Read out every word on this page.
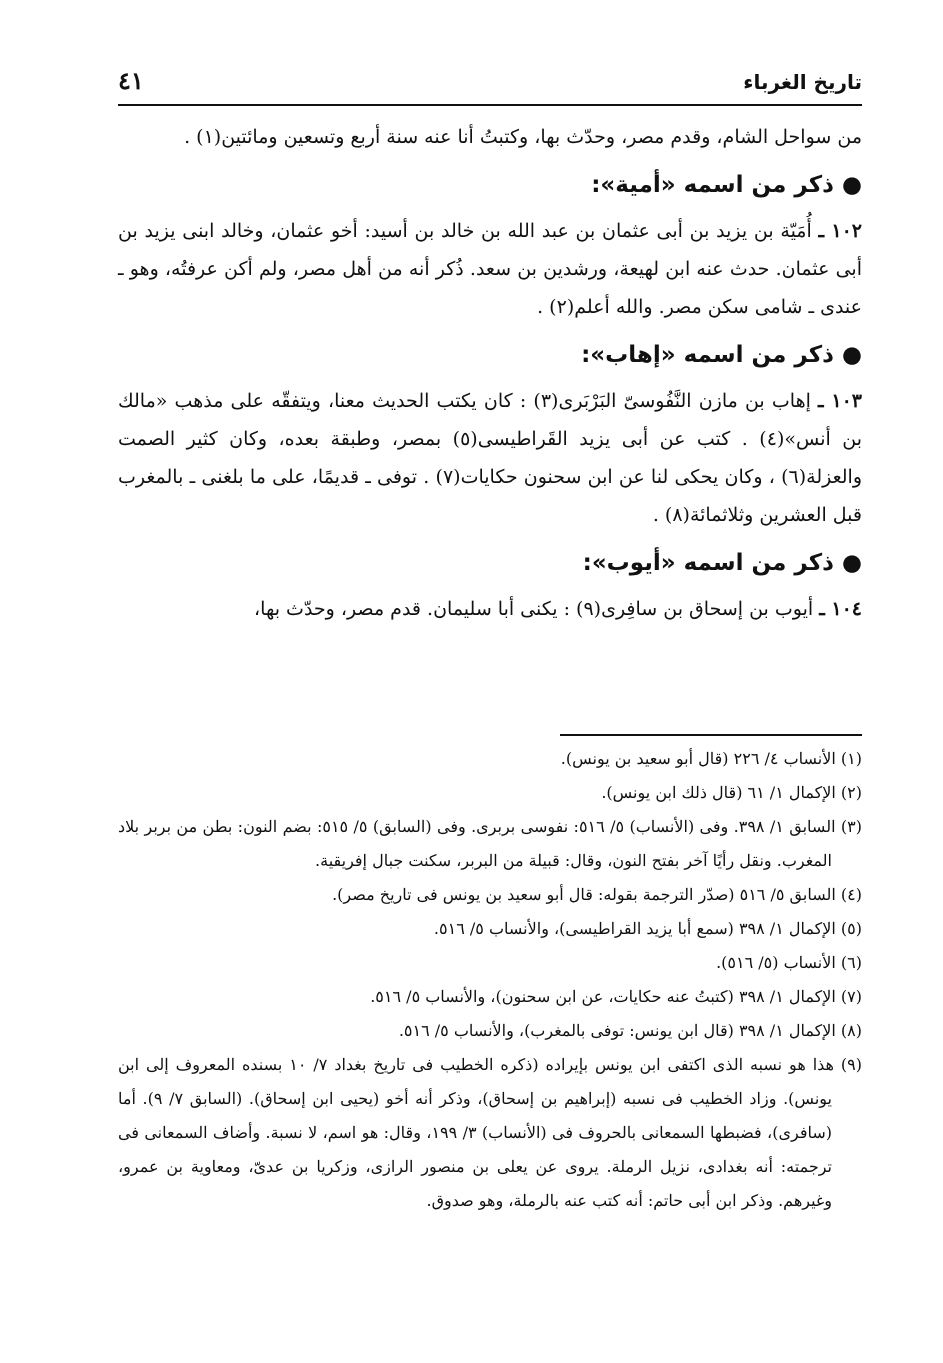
تاريخ الغرباء
٤١

من سواحل الشام، وقدم مصر، وحدّث بها، وكتبتُ أنا عنه سنة أربع وتسعين ومائتين(١) .

●ذكر من اسمه «أمية»:

١٠٢ ـ أُمَيّة بن يزيد بن أبى عثمان بن عبد الله بن خالد بن أسيد: أخو عثمان، وخالد ابنى يزيد بن أبى عثمان. حدث عنه ابن لهيعة، ورشدين بن سعد. ذُكر أنه من أهل مصر، ولم أكن عرفتُه، وهو ـ عندى ـ شامى سكن مصر. والله أعلم(٢) .

●ذكر من اسمه «إهاب»:

١٠٣ ـ إهاب بن مازن النَّفُوسىّ البَرْبَرى(٣) : كان يكتب الحديث معنا، ويتفقّه على مذهب «مالك بن أنس»(٤) . كتب عن أبى يزيد القَراطيسى(٥) بمصر، وطبقة بعده، وكان كثير الصمت والعزلة(٦) ، وكان يحكى لنا عن ابن سحنون حكايات(٧) . توفى ـ قديمًا، على ما بلغنى ـ بالمغرب قبل العشرين وثلاثمائة(٨) .

●ذكر من اسمه «أيوب»:

١٠٤ ـ أيوب بن إسحاق بن سافِرى(٩) : يكنى أبا سليمان. قدم مصر، وحدّث بها،

(١) الأنساب ٤/ ٢٢٦ (قال أبو سعيد بن يونس).

(٢) الإكمال ١/ ٦١ (قال ذلك ابن يونس).

(٣) السابق ١/ ٣٩٨. وفى (الأنساب) ٥/ ٥١٦: نفوسى بربرى. وفى (السابق) ٥/ ٥١٥: بضم النون: بطن من بربر بلاد المغرب. ونقل رأيًا آخر بفتح النون، وقال: قبيلة من البربر، سكنت جبال إفريقية.

(٤) السابق ٥/ ٥١٦ (صدّر الترجمة بقوله: قال أبو سعيد بن يونس فى تاريخ مصر).

(٥) الإكمال ١/ ٣٩٨ (سمع أبا يزيد القراطيسى)، والأنساب ٥/ ٥١٦.

(٦) الأنساب (٥/ ٥١٦).

(٧) الإكمال ١/ ٣٩٨ (كتبتُ عنه حكايات، عن ابن سحنون)، والأنساب ٥/ ٥١٦.

(٨) الإكمال ١/ ٣٩٨ (قال ابن يونس: توفى بالمغرب)، والأنساب ٥/ ٥١٦.

(٩) هذا هو نسبه الذى اكتفى ابن يونس بإيراده (ذكره الخطيب فى تاريخ بغداد ٧/ ١٠ بسنده المعروف إلى ابن يونس). وزاد الخطيب فى نسبه (إبراهيم بن إسحاق)، وذكر أنه أخو (يحيى ابن إسحاق). (السابق ٧/ ٩). أما (سافرى)، فضبطها السمعانى بالحروف فى (الأنساب) ٣/ ١٩٩، وقال: هو اسم، لا نسبة. وأضاف السمعانى فى ترجمته: أنه بغدادى، نزيل الرملة. يروى عن يعلى بن منصور الرازى، وزكريا بن عدىّ، ومعاوية بن عمرو، وغيرهم. وذكر ابن أبى حاتم: أنه كتب عنه بالرملة، وهو صدوق.
